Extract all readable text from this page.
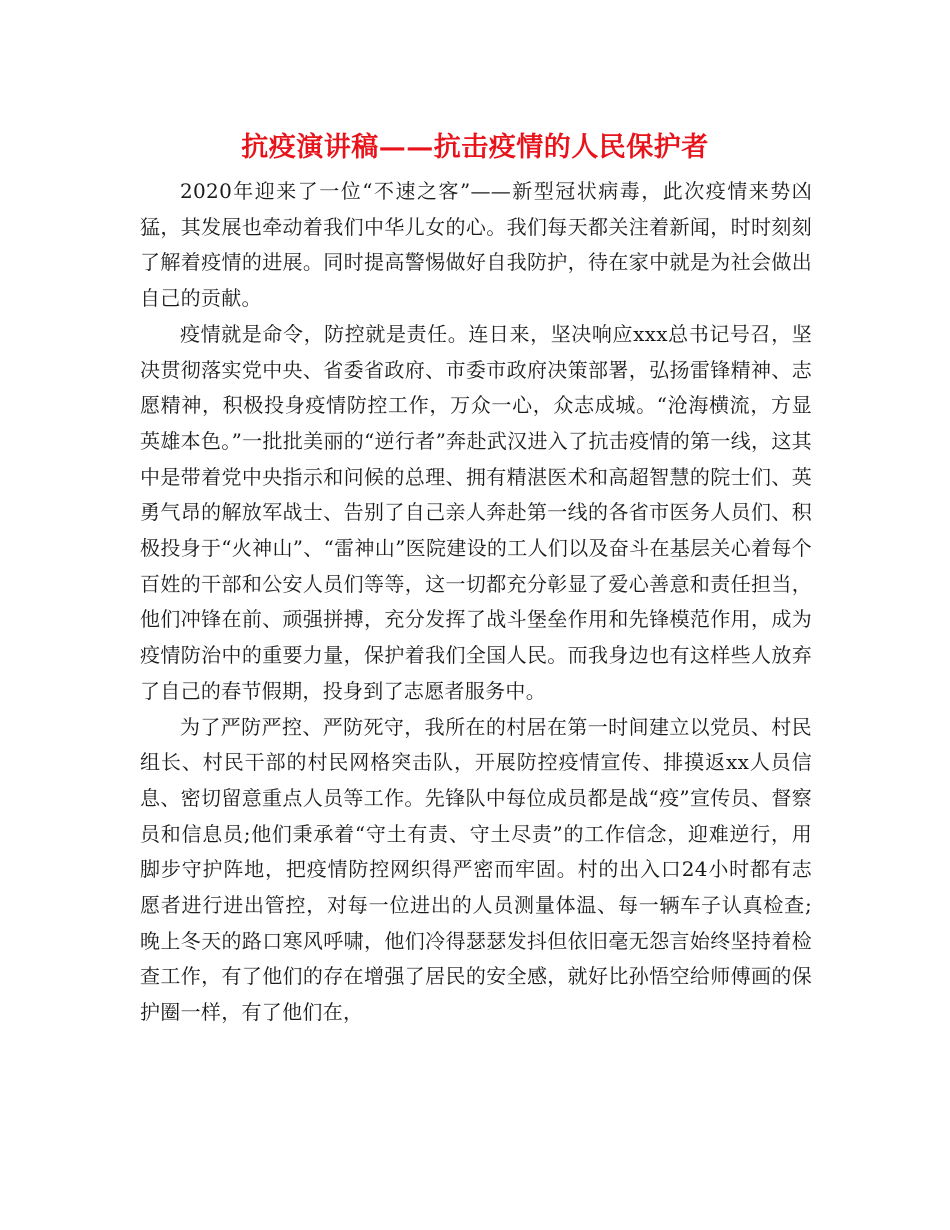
抗疫演讲稿——抗击疫情的人民保护者

2020年迎来了一位“不速之客”——新型冠状病毒，此次疫情来势凶猛，其发展也牵动着我们中华儿女的心。我们每天都关注着新闻，时时刻刻了解着疫情的进展。同时提高警惕做好自我防护，待在家中就是为社会做出自己的贡献。

疫情就是命令，防控就是责任。连日来，坚决响应xxx总书记号召，坚决贯彻落实党中央、省委省政府、市委市政府决策部署，弘扬雷锋精神、志愿精神，积极投身疫情防控工作，万众一心，众志成城。“沧海横流，方显英雄本色。”一批批美丽的“逆行者”奔赴武汉进入了抗击疫情的第一线，这其中是带着党中央指示和问候的总理、拥有精湛医术和高超智慧的院士们、英勇气昂的解放军战士、告别了自己亲人奔赴第一线的各省市医务人员们、积极投身于“火神山”、“雷神山”医院建设的工人们以及奋斗在基层关心着每个百姓的干部和公安人员们等等，这一切都充分彰显了爱心善意和责任担当，他们冲锋在前、顽强拼搏，充分发挥了战斗堡垒作用和先锋模范作用，成为疫情防治中的重要力量，保护着我们全国人民。而我身边也有这样些人放弃了自己的春节假期，投身到了志愿者服务中。

为了严防严控、严防死守，我所在的村居在第一时间建立以党员、村民组长、村民干部的村民网格突击队，开展防控疫情宣传、排摸返xx人员信息、密切留意重点人员等工作。先锋队中每位成员都是战“疫”宣传员、督察员和信息员;他们秉承着“守土有责、守土尽责”的工作信念，迎难逆行，用脚步守护阵地，把疫情防控网织得严密而牢固。村的出入口24小时都有志愿者进行进出管控，对每一位进出的人员测量体温、每一辆车子认真检查;晚上冬天的路口寒风呼啸，他们冷得瑟瑟发抖但依旧毫无怨言始终坚持着检查工作，有了他们的存在增强了居民的安全感，就好比孙悟空给师傅画的保护圈一样，有了他们在，
